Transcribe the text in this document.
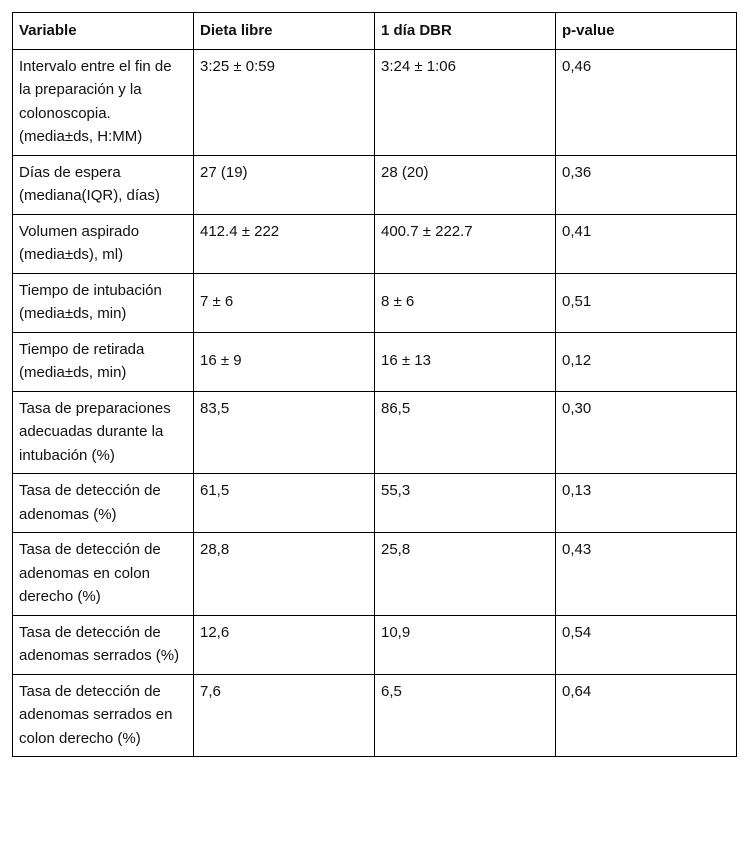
Variable	Dieta libre	1 día DBR	p-value
Intervalo entre el fin de la preparación y la colonoscopia. (media±ds, H:MM)	3:25 ± 0:59	3:24 ± 1:06	0,46
Días de espera (mediana(IQR), días)	27 (19)	28 (20)	0,36
Volumen aspirado (media±ds), ml)	412.4 ± 222	400.7 ± 222.7	0,41
Tiempo de intubación (media±ds, min)	7 ± 6	8 ± 6	0,51
Tiempo de retirada (media±ds, min)	16 ± 9	16 ± 13	0,12
Tasa de preparaciones adecuadas durante la intubación (%)	83,5	86,5	0,30
Tasa de detección de adenomas (%)	61,5	55,3	0,13
Tasa de detección de adenomas en colon derecho (%)	28,8	25,8	0,43
Tasa de detección de adenomas serrados (%)	12,6	10,9	0,54
Tasa de detección de adenomas serrados en colon derecho (%)	7,6	6,5	0,64
